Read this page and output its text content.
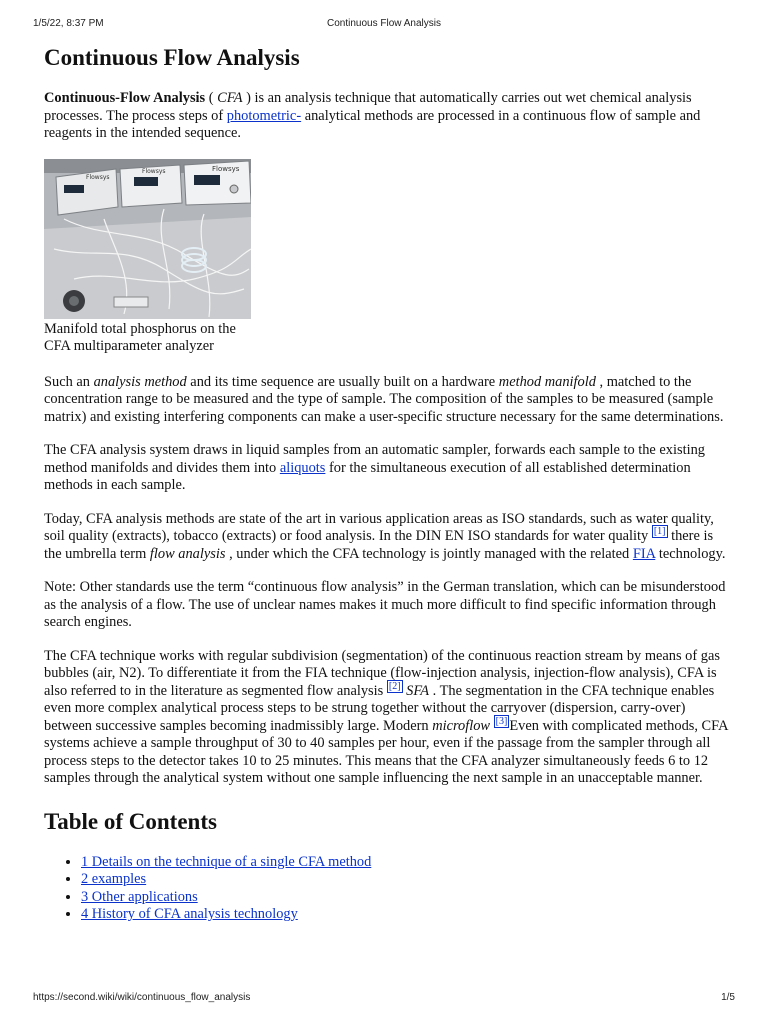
1/5/22, 8:37 PM	Continuous Flow Analysis
Continuous Flow Analysis

Continuous-Flow Analysis ( CFA ) is an analysis technique that automatically carries out wet chemical analysis processes. The process steps of photometric- analytical methods are processed in a continuous flow of sample and reagents in the intended sequence.

Flowsys
Flowsys	Flowsys
Manifold total phosphorus on the CFA multiparameter analyzer

Such an analysis method and its time sequence are usually built on a hardware method manifold , matched to the concentration range to be measured and the type of sample. The composition of the samples to be measured (sample matrix) and existing interfering components can make a user-specific structure necessary for the same determinations.

The CFA analysis system draws in liquid samples from an automatic sampler, forwards each sample to the existing method manifolds and divides them into aliquots for the simultaneous execution of all established determination methods in each sample.

Today, CFA analysis methods are state of the art in various application areas as ISO standards, such as water quality, soil quality (extracts), tobacco (extracts) or food analysis. In the DIN EN ISO standards for water quality [1] there is the umbrella term flow analysis , under which the CFA technology is jointly managed with the related FIA technology.

Note: Other standards use the term “continuous flow analysis” in the German translation, which can be misunderstood as the analysis of a flow. The use of unclear names makes it much more difficult to find specific information through search engines.

The CFA technique works with regular subdivision (segmentation) of the continuous reaction stream by means of gas bubbles (air, N2). To differentiate it from the FIA technique (flow-injection analysis, injection-flow analysis), CFA is also referred to in the literature as segmented flow analysis [2] SFA . The segmentation in the CFA technique enables even more complex analytical process steps to be strung together without the carryover (dispersion, carry-over) between successive samples becoming inadmissibly large. Modern microflow [3] Even with complicated methods, CFA systems achieve a sample throughput of 30 to 40 samples per hour, even if the passage from the sampler through all process steps to the detector takes 10 to 25 minutes. This means that the CFA analyzer simultaneously feeds 6 to 12 samples through the analytical system without one sample influencing the next sample in an unacceptable manner.

Table of Contents
• 1 Details on the technique of a single CFA method
• 2 examples
• 3 Other applications
• 4 History of CFA analysis technology
https://second.wiki/wiki/continuous_flow_analysis	1/5
